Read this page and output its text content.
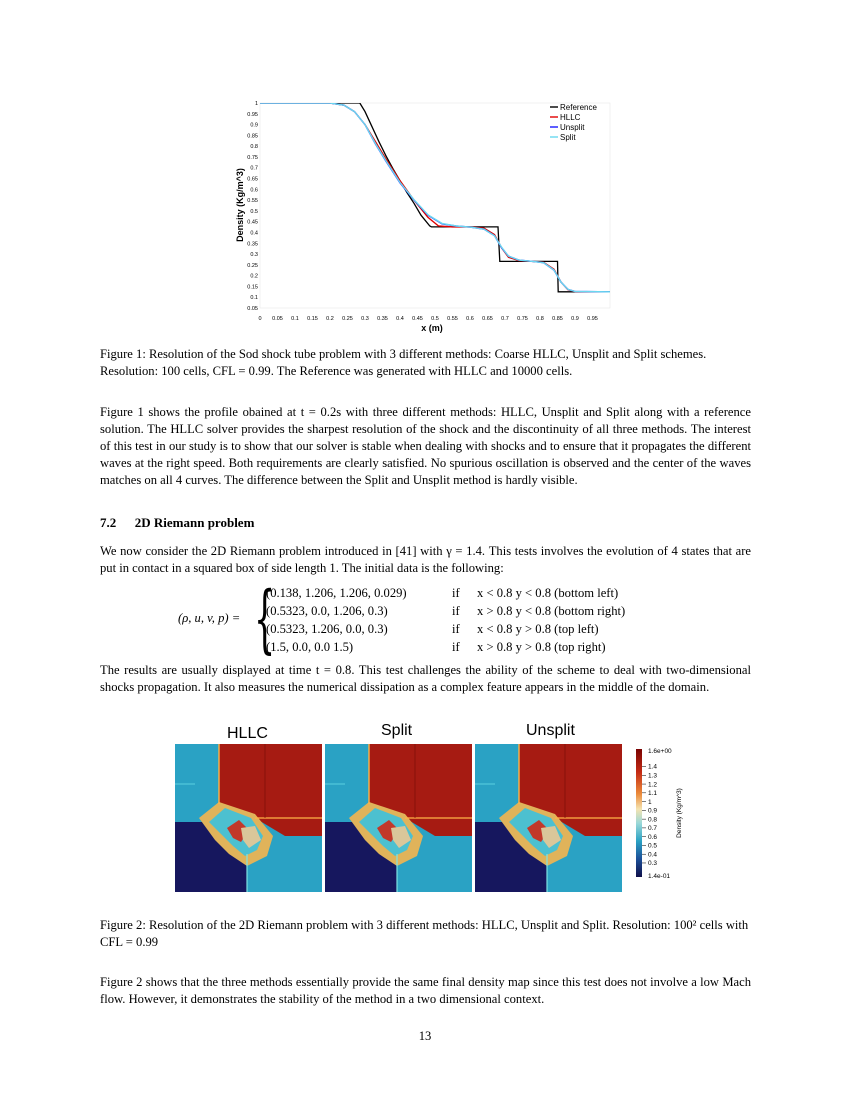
1
0.95
0.9
0.85
0.8
0.75
0.7
0.65
0.6
0.55
0.5
0.45
0.4
0.35
0.3
0.25
0.2
0.15
0.1
0.05
0 0.05 0.1 0.15 0.2 0.25 0.3 0.35 0.4 0.45 0.5 0.55 0.6 0.65 0.7 0.75 0.8 0.85 0.9 0.95
x (m)
Density (Kg/m^3)
Reference
HLLC
Unsplit
Split

Figure 1: Resolution of the Sod shock tube problem with 3 different methods: Coarse HLLC, Unsplit and Split schemes. Resolution: 100 cells, CFL = 0.99. The Reference was generated with HLLC and 10000 cells.

Figure 1 shows the profile obained at t = 0.2s with three different methods: HLLC, Unsplit and Split along with a reference solution. The HLLC solver provides the sharpest resolution of the shock and the discontinuity of all three methods. The interest of this test in our study is to show that our solver is stable when dealing with shocks and to ensure that it propagates the different waves at the right speed. Both requirements are clearly satisfied. No spurious oscillation is observed and the center of the waves matches on all 4 curves. The difference between the Split and Unsplit method is hardly visible.

7.2 2D Riemann problem

We now consider the 2D Riemann problem introduced in [41] with γ = 1.4. This tests involves the evolution of 4 states that are put in contact in a squared box of side length 1. The initial data is the following:

(ρ, u, v, p) = {
(0.138, 1.206, 1.206, 0.029)	if x < 0.8 y < 0.8 (bottom left)
(0.5323, 0.0, 1.206, 0.3)	if x > 0.8 y < 0.8 (bottom right)
(0.5323, 1.206, 0.0, 0.3)	if x < 0.8 y > 0.8 (top left)
(1.5, 0.0, 0.0 1.5)	if x > 0.8 y > 0.8 (top right)

The results are usually displayed at time t = 0.8. This test challenges the ability of the scheme to deal with two-dimensional shocks propagation. It also measures the numerical dissipation as a complex feature appears in the middle of the domain.

HLLC	Split	Unsplit
1.6e+00
1.4e-01
1.4
1.3
1.2
1.1
1
0.9
0.8
0.7
0.6
0.5
0.4
0.3
Density (Kg/m^3)

Figure 2: Resolution of the 2D Riemann problem with 3 different methods: HLLC, Unsplit and Split. Resolution: 100² cells with CFL = 0.99

Figure 2 shows that the three methods essentially provide the same final density map since this test does not involve a low Mach flow. However, it demonstrates the stability of the method in a two dimensional context.

13
